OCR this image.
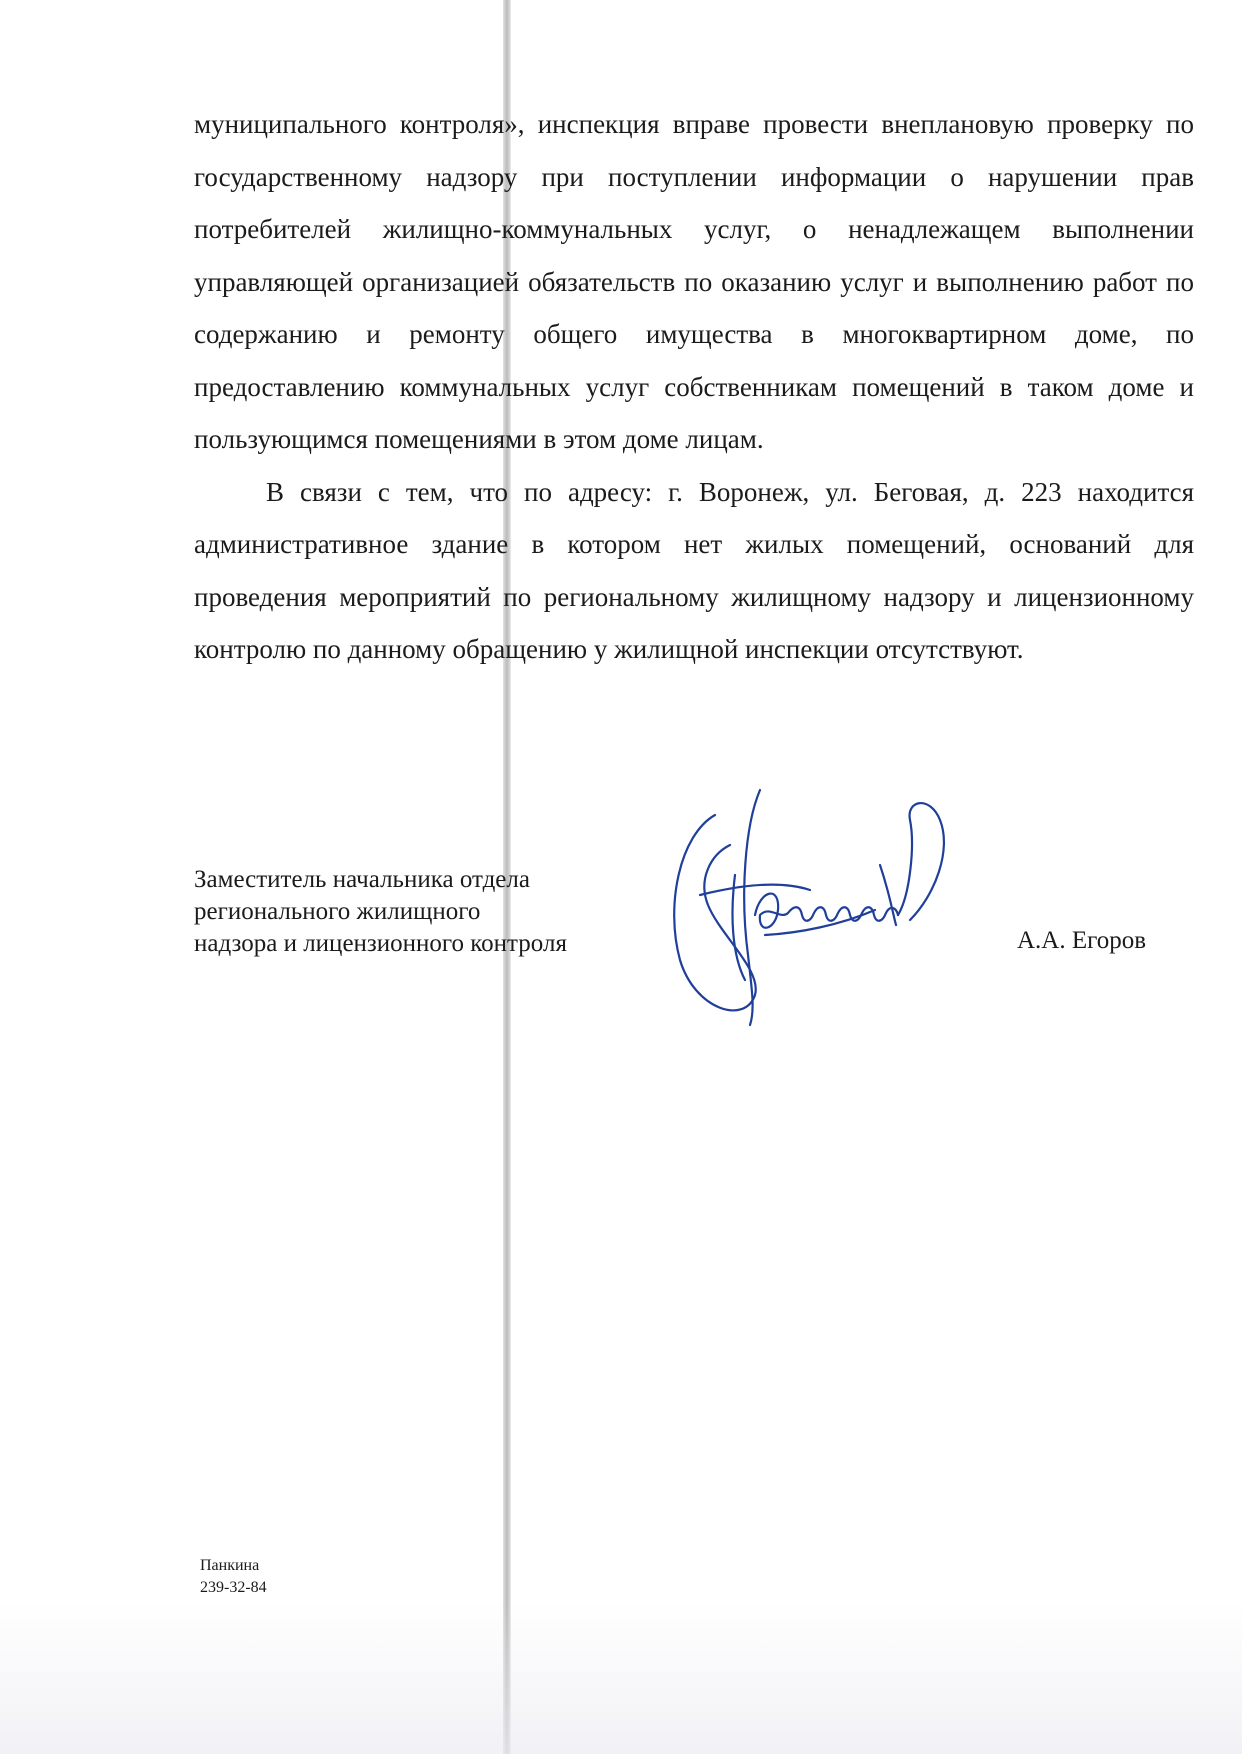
муниципального контроля», инспекция вправе провести внеплановую проверку по государственному надзору при поступлении информации о нарушении прав потребителей жилищно-коммунальных услуг, о ненадлежащем выполнении управляющей организацией обязательств по оказанию услуг и выполнению работ по содержанию и ремонту общего имущества в многоквартирном доме, по предоставлению коммунальных услуг собственникам помещений в таком доме и пользующимся помещениями в этом доме лицам.

В связи с тем, что по адресу: г. Воронеж, ул. Беговая, д. 223 находится административное здание в котором нет жилых помещений, оснований для проведения мероприятий по региональному жилищному надзору и лицензионному контролю по данному обращению у жилищной инспекции отсутствуют.

Заместитель начальника отдела
регионального жилищного
надзора и лицензионного контроля	А.А. Егоров
Панкина
239-32-84
